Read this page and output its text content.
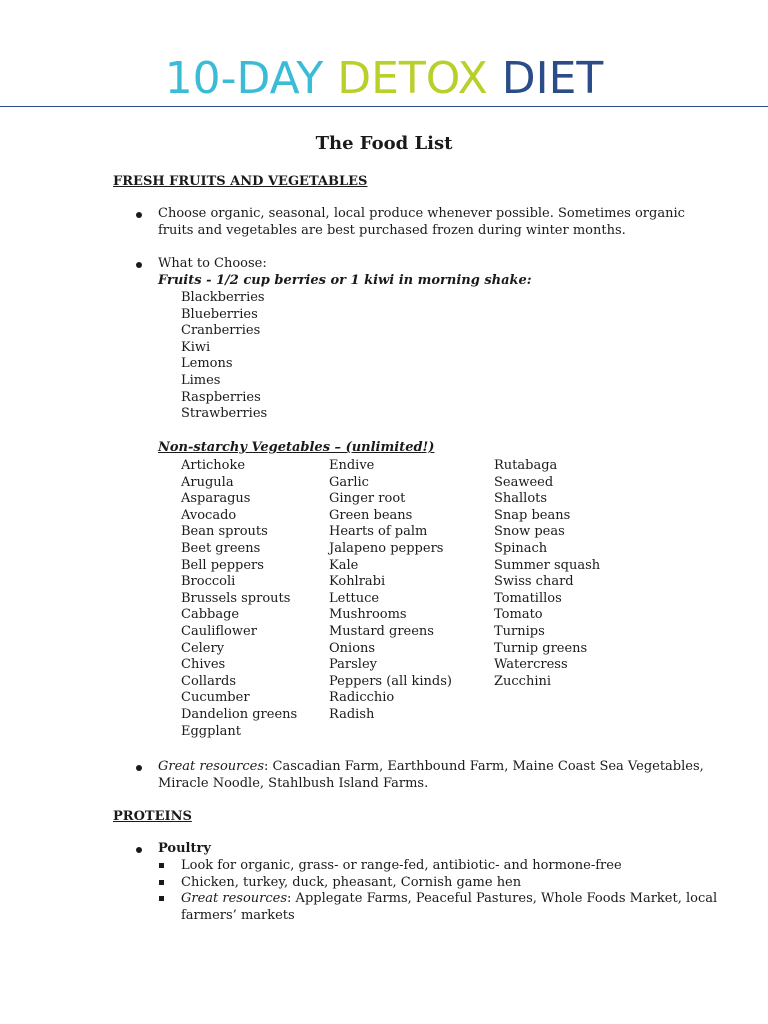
10-DAY DETOX DIET
The Food List
FRESH FRUITS AND VEGETABLES
Choose organic, seasonal, local produce whenever possible. Sometimes organic
fruits and vegetables are best purchased frozen during winter months.
What to Choose:
Fruits - 1/2 cup berries or 1 kiwi in morning shake:
Blackberries
Blueberries
Cranberries
Kiwi
Lemons
Limes
Raspberries
Strawberries
Non-starchy Vegetables – (unlimited!)
Artichoke
Arugula
Asparagus
Avocado
Bean sprouts
Beet greens
Bell peppers
Broccoli
Brussels sprouts
Cabbage
Cauliflower
Celery
Chives
Collards
Cucumber
Dandelion greens
Eggplant
Endive
Garlic
Ginger root
Green beans
Hearts of palm
Jalapeno peppers
Kale
Kohlrabi
Lettuce
Mushrooms
Mustard greens
Onions
Parsley
Peppers (all kinds)
Radicchio
Radish
Rutabaga
Seaweed
Shallots
Snap beans
Snow peas
Spinach
Summer squash
Swiss chard
Tomatillos
Tomato
Turnips
Turnip greens
Watercress
Zucchini
Great resources: Cascadian Farm, Earthbound Farm, Maine Coast Sea Vegetables,
Miracle Noodle, Stahlbush Island Farms.
PROTEINS
Poultry
Look for organic, grass- or range-fed, antibiotic- and hormone-free
Chicken, turkey, duck, pheasant, Cornish game hen
Great resources: Applegate Farms, Peaceful Pastures, Whole Foods Market, local
farmers’ markets
